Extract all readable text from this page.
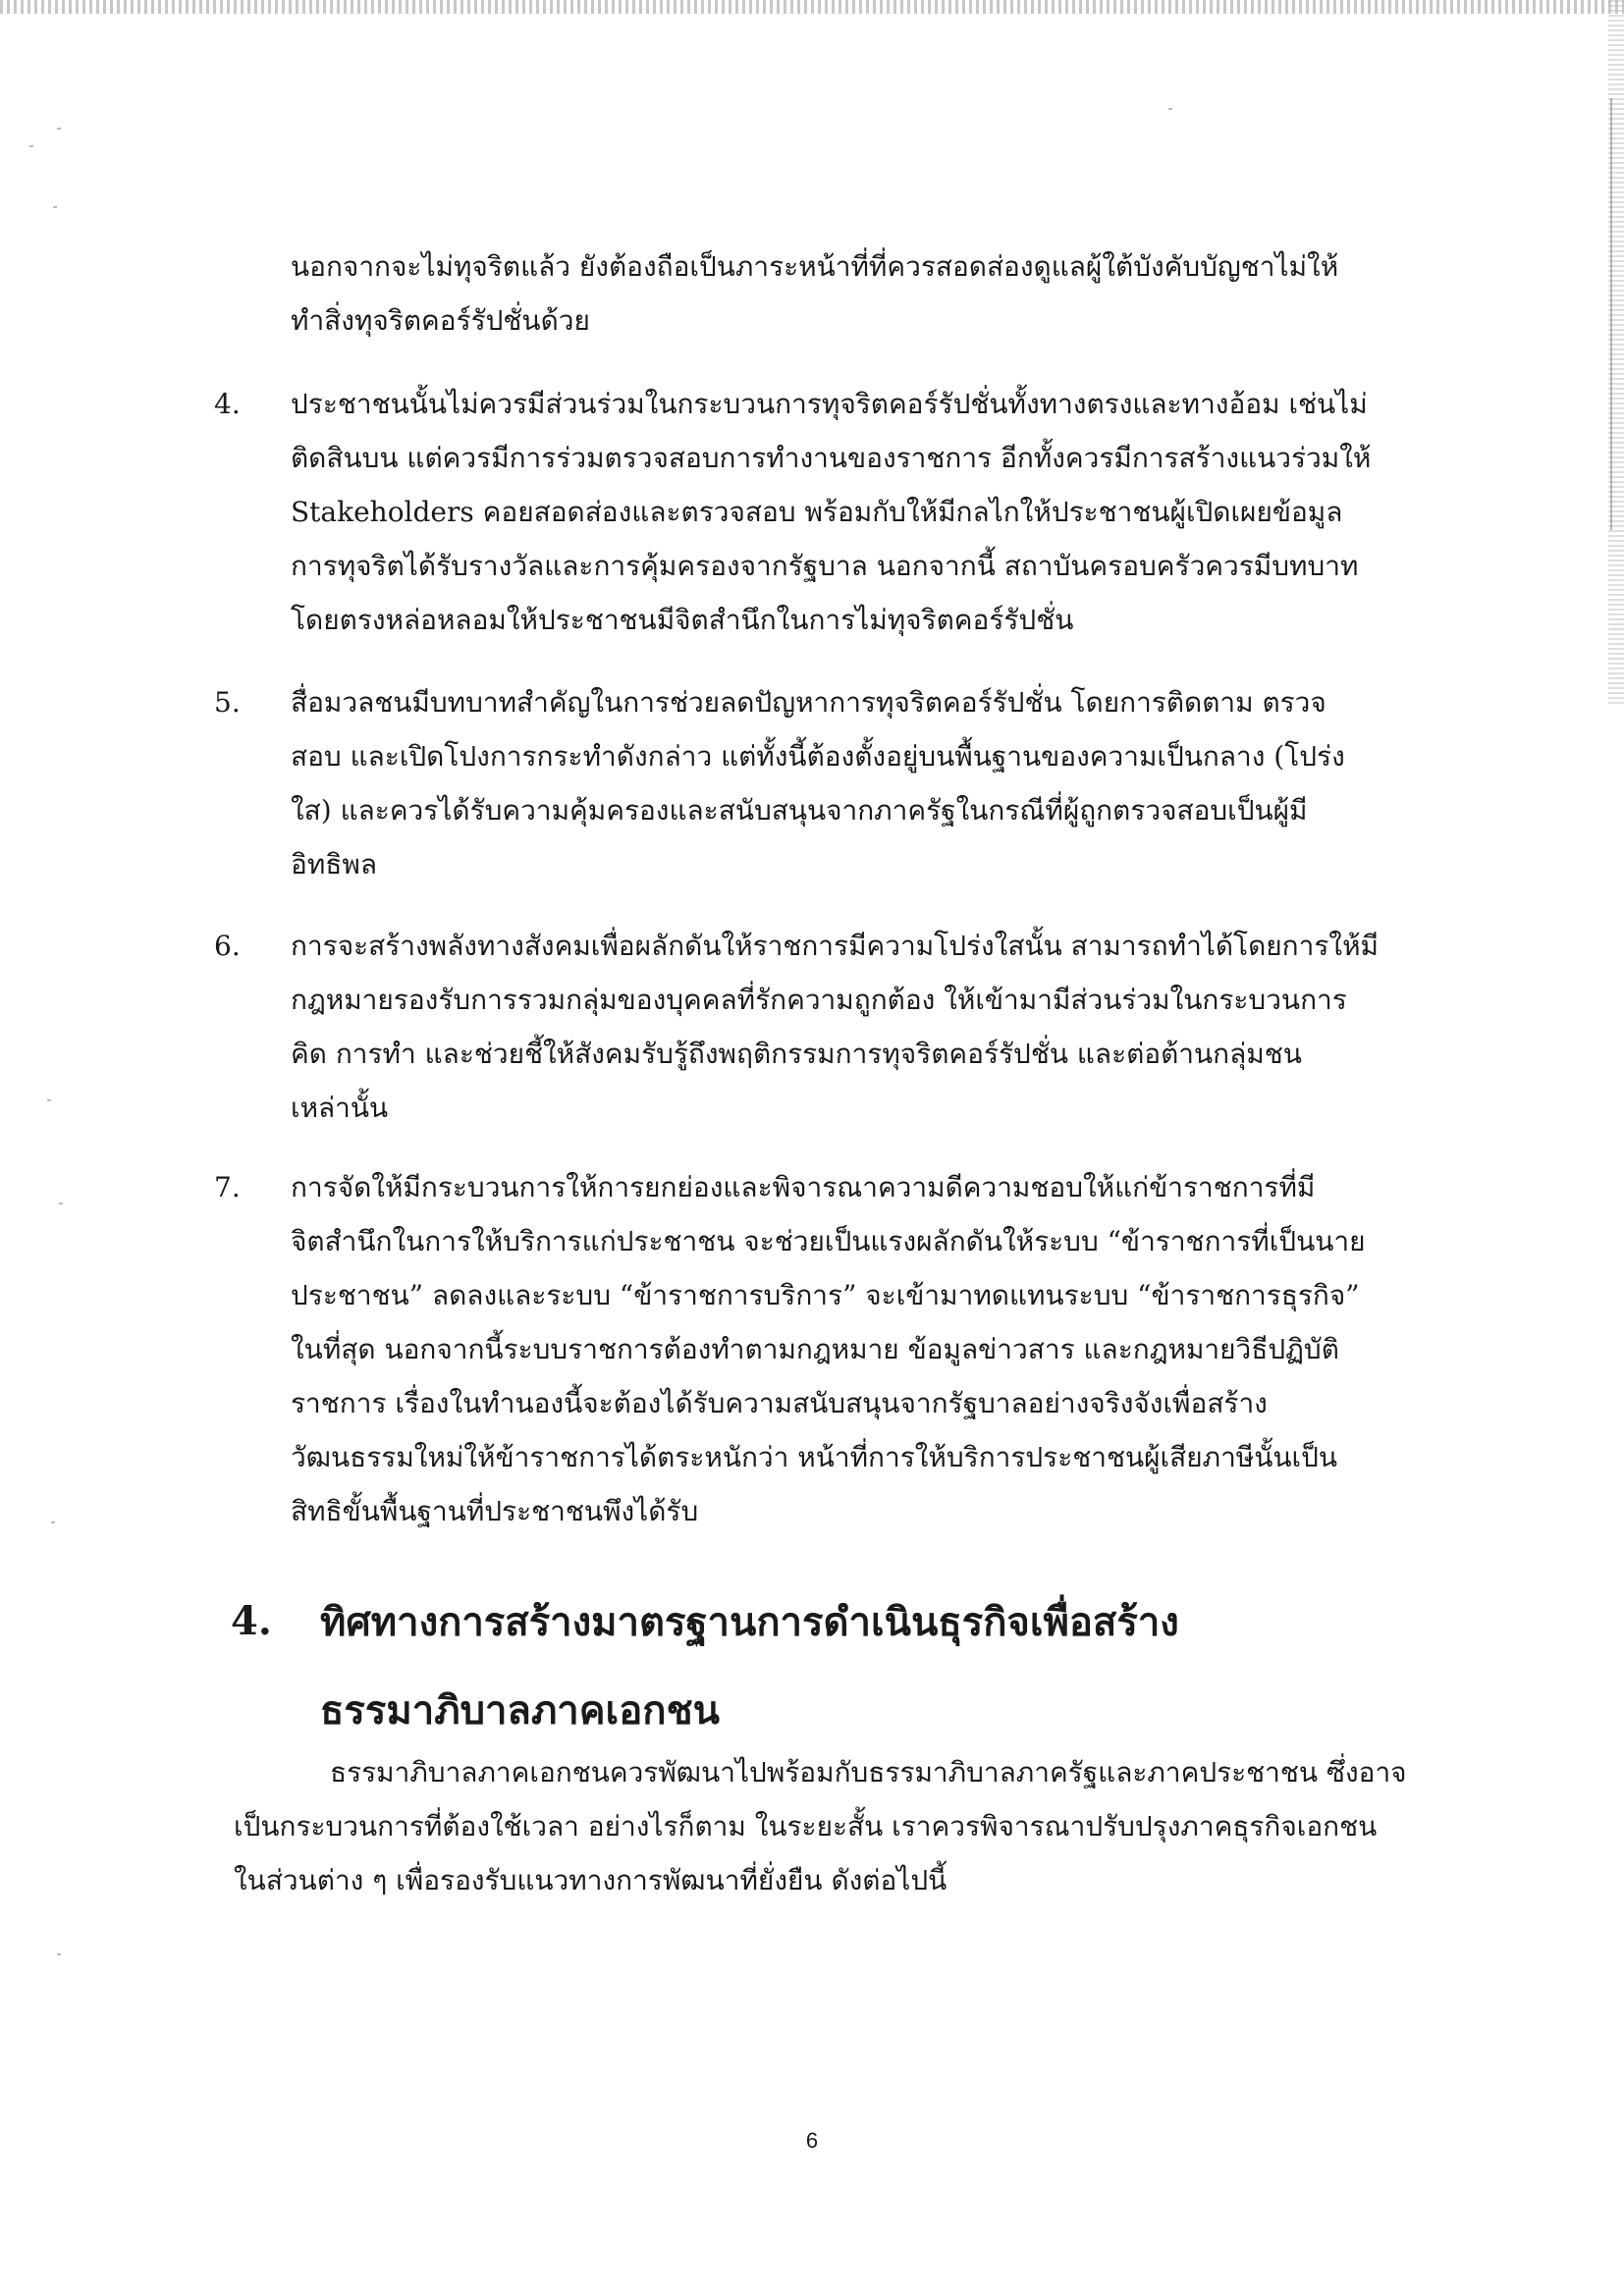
นอกจากจะไม่ทุจริตแล้ว ยังต้องถือเป็นภาระหน้าที่ที่ควรสอดส่องดูแลผู้ใต้บังคับบัญชาไม่ให้
ทำสิ่งทุจริตคอร์รัปชั่นด้วย
4. ประชาชนนั้นไม่ควรมีส่วนร่วมในกระบวนการทุจริตคอร์รัปชั่นทั้งทางตรงและทางอ้อม เช่นไม่
ติดสินบน แต่ควรมีการร่วมตรวจสอบการทำงานของราชการ อีกทั้งควรมีการสร้างแนวร่วมให้
Stakeholders คอยสอดส่องและตรวจสอบ พร้อมกับให้มีกลไกให้ประชาชนผู้เปิดเผยข้อมูล
การทุจริตได้รับรางวัลและการคุ้มครองจากรัฐบาล นอกจากนี้ สถาบันครอบครัวควรมีบทบาท
โดยตรงหล่อหลอมให้ประชาชนมีจิตสำนึกในการไม่ทุจริตคอร์รัปชั่น
5. สื่อมวลชนมีบทบาทสำคัญในการช่วยลดปัญหาการทุจริตคอร์รัปชั่น โดยการติดตาม ตรวจ
สอบ และเปิดโปงการกระทำดังกล่าว แต่ทั้งนี้ต้องตั้งอยู่บนพื้นฐานของความเป็นกลาง (โปร่ง
ใส) และควรได้รับความคุ้มครองและสนับสนุนจากภาครัฐในกรณีที่ผู้ถูกตรวจสอบเป็นผู้มี
อิทธิพล
6. การจะสร้างพลังทางสังคมเพื่อผลักดันให้ราชการมีความโปร่งใสนั้น สามารถทำได้โดยการให้มี
กฎหมายรองรับการรวมกลุ่มของบุคคลที่รักความถูกต้อง ให้เข้ามามีส่วนร่วมในกระบวนการ
คิด การทำ และช่วยชี้ให้สังคมรับรู้ถึงพฤติกรรมการทุจริตคอร์รัปชั่น และต่อต้านกลุ่มชน
เหล่านั้น
7. การจัดให้มีกระบวนการให้การยกย่องและพิจารณาความดีความชอบให้แก่ข้าราชการที่มี
จิตสำนึกในการให้บริการแก่ประชาชน จะช่วยเป็นแรงผลักดันให้ระบบ “ข้าราชการที่เป็นนาย
ประชาชน” ลดลงและระบบ “ข้าราชการบริการ” จะเข้ามาทดแทนระบบ “ข้าราชการธุรกิจ”
ในที่สุด นอกจากนี้ระบบราชการต้องทำตามกฎหมาย ข้อมูลข่าวสาร และกฎหมายวิธีปฏิบัติ
ราชการ เรื่องในทำนองนี้จะต้องได้รับความสนับสนุนจากรัฐบาลอย่างจริงจังเพื่อสร้าง
วัฒนธรรมใหม่ให้ข้าราชการได้ตระหนักว่า หน้าที่การให้บริการประชาชนผู้เสียภาษีนั้นเป็น
สิทธิขั้นพื้นฐานที่ประชาชนพึงได้รับ
4. ทิศทางการสร้างมาตรฐานการดำเนินธุรกิจเพื่อสร้าง
ธรรมาภิบาลภาคเอกชน
ธรรมาภิบาลภาคเอกชนควรพัฒนาไปพร้อมกับธรรมาภิบาลภาครัฐและภาคประชาชน ซึ่งอาจ
เป็นกระบวนการที่ต้องใช้เวลา อย่างไรก็ตาม ในระยะสั้น เราควรพิจารณาปรับปรุงภาคธุรกิจเอกชน
ในส่วนต่าง ๆ เพื่อรองรับแนวทางการพัฒนาที่ยั่งยืน ดังต่อไปนี้
6
